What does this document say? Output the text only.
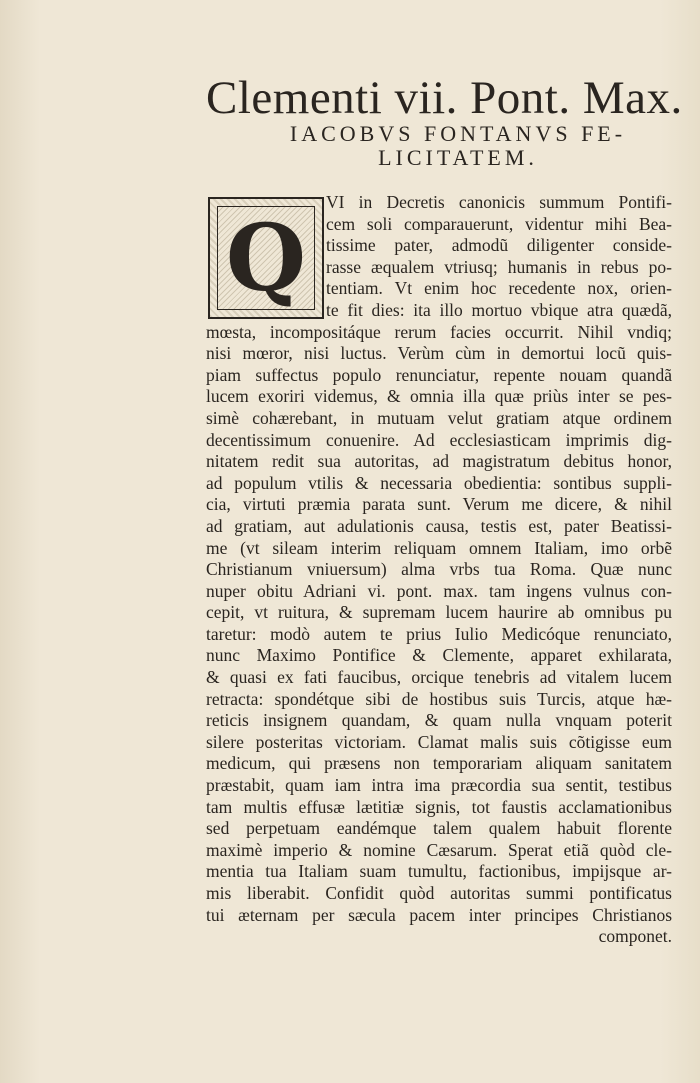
Clementi vii. Pont. Max.
IACOBVS FONTANVS FE-
LICITATEM.
Q
VI in Decretis canonicis summum Pontifi-
cem soli comparauerunt, videntur mihi Bea-
tissime pater, admodũ diligenter conside-
rasse æqualem vtriusq; humanis in rebus po-
tentiam. Vt enim hoc recedente nox, orien-
te fit dies: ita illo mortuo vbique atra quædã,
mœsta, incompositáque rerum facies occurrit. Nihil vndiq;
nisi mœror, nisi luctus. Verùm cùm in demortui locũ quis-
piam suffectus populo renunciatur, repente nouam quandã
lucem exoriri videmus, & omnia illa quæ priùs inter se pes-
simè cohærebant, in mutuam velut gratiam atque ordinem
decentissimum conuenire. Ad ecclesiasticam imprimis dig-
nitatem redit sua autoritas, ad magistratum debitus honor,
ad populum vtilis & necessaria obedientia: sontibus suppli-
cia, virtuti præmia parata sunt. Verum me dicere, & nihil
ad gratiam, aut adulationis causa, testis est, pater Beatissi-
me (vt sileam interim reliquam omnem Italiam, imo orbẽ
Christianum vniuersum) alma vrbs tua Roma. Quæ nunc
nuper obitu Adriani vi. pont. max. tam ingens vulnus con-
cepit, vt ruitura, & supremam lucem haurire ab omnibus pu
taretur: modò autem te prius Iulio Medicóque renunciato,
nunc Maximo Pontifice & Clemente, apparet exhilarata,
& quasi ex fati faucibus, orcique tenebris ad vitalem lucem
retracta: spondétque sibi de hostibus suis Turcis, atque hæ-
reticis insignem quandam, & quam nulla vnquam poterit
silere posteritas victoriam. Clamat malis suis cõtigisse eum
medicum, qui præsens non temporariam aliquam sanitatem
præstabit, quam iam intra ima præcordia sua sentit, testibus
tam multis effusæ lætitiæ signis, tot faustis acclamationibus
sed perpetuam eandémque talem qualem habuit florente
maximè imperio & nomine Cæsarum. Sperat etiã quòd cle-
mentia tua Italiam suam tumultu, factionibus, impijsque ar-
mis liberabit. Confidit quòd autoritas summi pontificatus
tui æternam per sæcula pacem inter principes Christianos
componet.
